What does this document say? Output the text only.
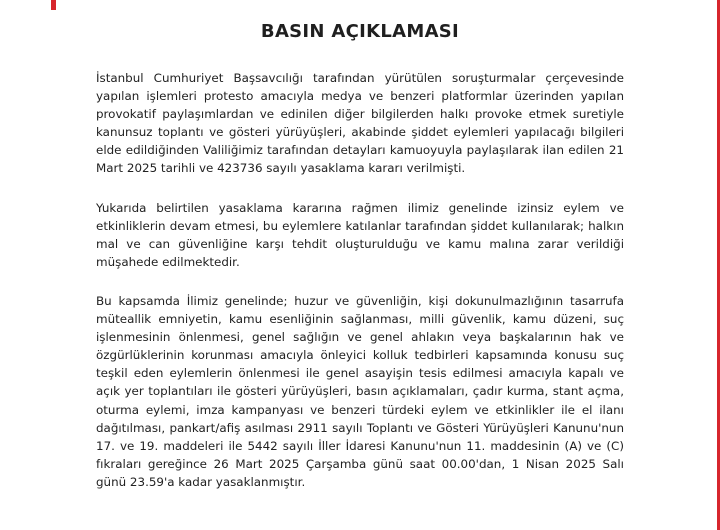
BASIN AÇIKLAMASI

İstanbul Cumhuriyet Başsavcılığı tarafından yürütülen soruşturmalar çerçevesinde yapılan işlemleri protesto amacıyla medya ve benzeri platformlar üzerinden yapılan provokatif paylaşımlardan ve edinilen diğer bilgilerden halkı provoke etmek suretiyle kanunsuz toplantı ve gösteri yürüyüşleri, akabinde şiddet eylemleri yapılacağı bilgileri elde edildiğinden Valiliğimiz tarafından detayları kamuoyuyla paylaşılarak ilan edilen 21 Mart 2025 tarihli ve 423736 sayılı yasaklama kararı verilmişti.

Yukarıda belirtilen yasaklama kararına rağmen ilimiz genelinde izinsiz eylem ve etkinliklerin devam etmesi, bu eylemlere katılanlar tarafından şiddet kullanılarak; halkın mal ve can güvenliğine karşı tehdit oluşturulduğu ve kamu malına zarar verildiği müşahede edilmektedir.

Bu kapsamda İlimiz genelinde; huzur ve güvenliğin, kişi dokunulmazlığının tasarrufa müteallik emniyetin, kamu esenliğinin sağlanması, milli güvenlik, kamu düzeni, suç işlenmesinin önlenmesi, genel sağlığın ve genel ahlakın veya başkalarının hak ve özgürlüklerinin korunması amacıyla önleyici kolluk tedbirleri kapsamında konusu suç teşkil eden eylemlerin önlenmesi ile genel asayişin tesis edilmesi amacıyla kapalı ve açık yer toplantıları ile gösteri yürüyüşleri, basın açıklamaları, çadır kurma, stant açma, oturma eylemi, imza kampanyası ve benzeri türdeki eylem ve etkinlikler ile el ilanı dağıtılması, pankart/afiş asılması 2911 sayılı Toplantı ve Gösteri Yürüyüşleri Kanunu'nun 17. ve 19. maddeleri ile 5442 sayılı İller İdaresi Kanunu'nun 11. maddesinin (A) ve (C) fıkraları gereğince 26 Mart 2025 Çarşamba günü saat 00.00'dan, 1 Nisan 2025 Salı günü 23.59'a kadar yasaklanmıştır.
